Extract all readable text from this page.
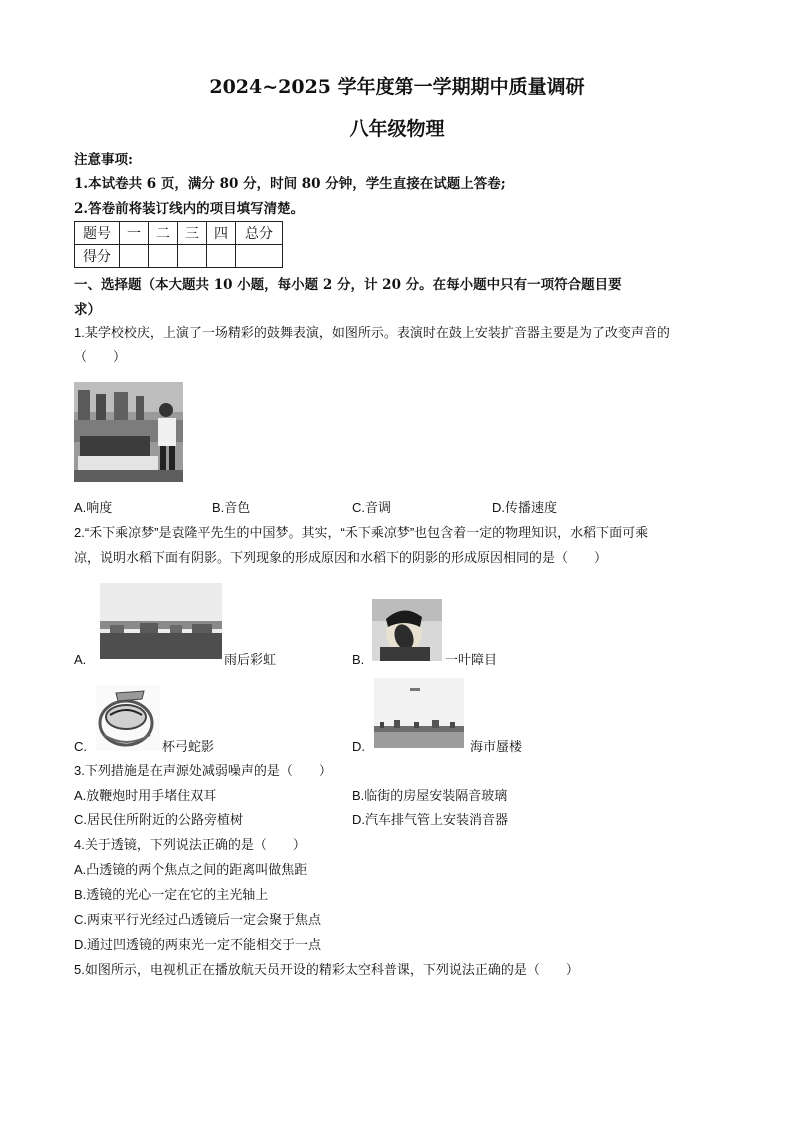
2024~2025 学年度第一学期期中质量调研
八年级物理
注意事项:
1.本试卷共 6 页，满分 80 分，时间 80 分钟，学生直接在试题上答卷;
2.答卷前将装订线内的项目填写清楚。
题号	一	二	三	四	总分
得分					
一、选择题（本大题共 10 小题，每小题 2 分，计 20 分。在每小题中只有一项符合题目要
求）
1.某学校校庆，上演了一场精彩的鼓舞表演，如图所示。表演时在鼓上安装扩音器主要是为了改变声音的
（　　）
A.响度	B.音色	C.音调	D.传播速度
2.“禾下乘凉梦”是袁隆平先生的中国梦。其实，“禾下乘凉梦”也包含着一定的物理知识，水稻下面可乘
凉，说明水稻下面有阴影。下列现象的形成原因和水稻下的阴影的形成原因相同的是（　　）
A.	雨后彩虹	B.	一叶障目
C.	杯弓蛇影	D.	海市蜃楼
3.下列措施是在声源处减弱噪声的是（　　）
A.放鞭炮时用手堵住双耳	B.临街的房屋安装隔音玻璃
C.居民住所附近的公路旁植树	D.汽车排气管上安装消音器
4.关于透镜，下列说法正确的是（　　）
A.凸透镜的两个焦点之间的距离叫做焦距
B.透镜的光心一定在它的主光轴上
C.两束平行光经过凸透镜后一定会聚于焦点
D.通过凹透镜的两束光一定不能相交于一点
5.如图所示，电视机正在播放航天员开设的精彩太空科普课，下列说法正确的是（　　）
